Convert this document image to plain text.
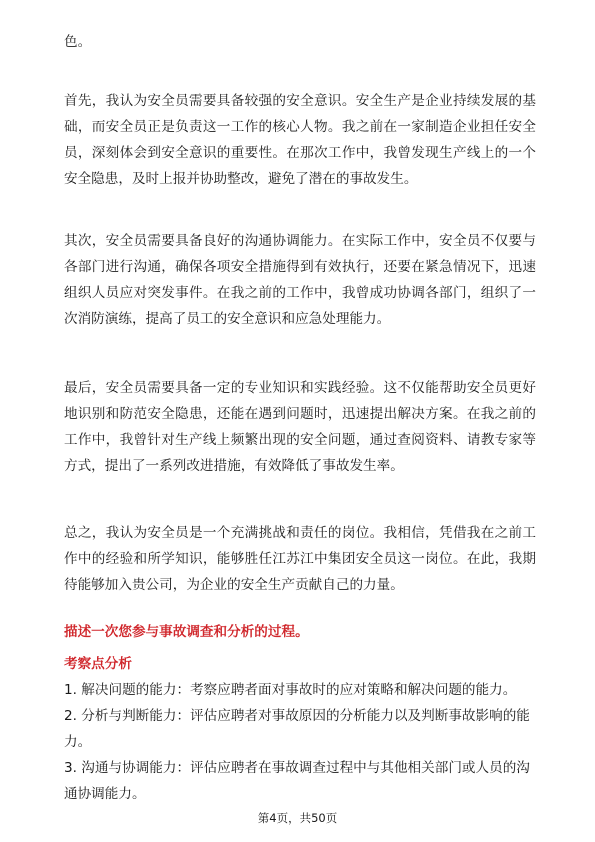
色。

首先，我认为安全员需要具备较强的安全意识。安全生产是企业持续发展的基础，而安全员正是负责这一工作的核心人物。我之前在一家制造企业担任安全员，深刻体会到安全意识的重要性。在那次工作中，我曾发现生产线上的一个安全隐患，及时上报并协助整改，避免了潜在的事故发生。

其次，安全员需要具备良好的沟通协调能力。在实际工作中，安全员不仅要与各部门进行沟通，确保各项安全措施得到有效执行，还要在紧急情况下，迅速组织人员应对突发事件。在我之前的工作中，我曾成功协调各部门，组织了一次消防演练，提高了员工的安全意识和应急处理能力。

最后，安全员需要具备一定的专业知识和实践经验。这不仅能帮助安全员更好地识别和防范安全隐患，还能在遇到问题时，迅速提出解决方案。在我之前的工作中，我曾针对生产线上频繁出现的安全问题，通过查阅资料、请教专家等方式，提出了一系列改进措施，有效降低了事故发生率。

总之，我认为安全员是一个充满挑战和责任的岗位。我相信，凭借我在之前工作中的经验和所学知识，能够胜任江苏江中集团安全员这一岗位。在此，我期待能够加入贵公司，为企业的安全生产贡献自己的力量。

描述一次您参与事故调查和分析的过程。

考察点分析

1. 解决问题的能力：考察应聘者面对事故时的应对策略和解决问题的能力。
2. 分析与判断能力：评估应聘者对事故原因的分析能力以及判断事故影响的能力。
3. 沟通与协调能力：评估应聘者在事故调查过程中与其他相关部门或人员的沟通协调能力。
第4页，共50页
